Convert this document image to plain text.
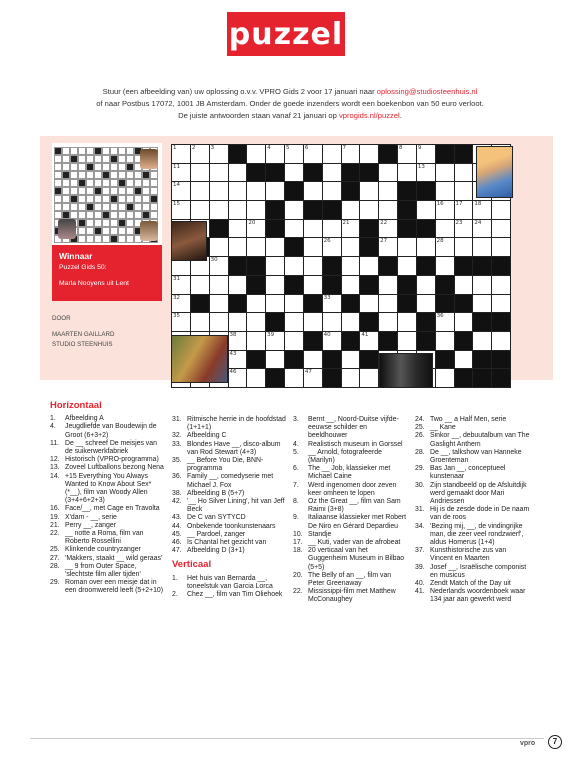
puzzel
Stuur (een afbeelding van) uw oplossing o.v.v. VPRO Gids 2 voor 17 januari naar oplossing@studiosteenhuis.nl
of naar Postbus 17072, 1001 JB Amsterdam. Onder de goede inzenders wordt een boekenbon van 50 euro verloot.
De juiste antwoorden staan vanaf 21 januari op vprogids.nl/puzzel.
Winnaar
Puzzel Gids 50:
Marla Nooyens uit Lent
DOOR
MAARTEN GAILLARD
STUDIO STEENHUIS
1	2	3	4	5	6	7	8	9
11	13
14
15	16 17 18
20	21	22	23 24
26	27	28
30
31
32	33
35	36
38	39	40	41
43
46	47
Horizontaal
1.	Afbeelding A
4.	Jeugdliefde van Boudewijn de Groot (6+3+2)
11. De __ schreef De meisjes van de suikerwerkfabriek
12. Historisch (VPRO-programma)
13. Zoveel Luftballons bezong Nena
14. +15 Everything You Always Wanted to Know About Sex* (*__), film van Woody Allen (3+4+6+2+3)
16. Face/__, met Cage en Travolta
19. X'dam - __, serie
21. Perry __, zanger
22. __ notte a Roma, film van Roberto Rossellini
25. Klinkende countryzanger
27. 'Makkers, staakt __ wild geraas'
28. __ 9 from Outer Space, 'slechtste film aller tijden'
29. Roman over een meisje dat in een droomwereld leeft (5+2+10)
31. Ritmische herrie in de hoofdstad (1+1+1)
32. Afbeelding C
33. Blondes Have __, disco-album van Rod Stewart (4+3)
35. __ Before You Die, BNN-programma
36. Family __, comedyserie met Michael J. Fox
38. Afbeelding B (5+7)
42. '__ Ho Silver Lining', hit van Jeff Beck
43. De C van SYTYCD
44. Onbekende toonkunstenaars
45. __ Pardoel, zanger
46. Is Chantal het gezicht van
47. Afbeelding D (3+1)
Verticaal
1.	Het huis van Bernarda __, toneelstuk van Garcia Lorca
2.	Chez __, film van Tim Oliehoek
3.	Bernt __, Noord-Duitse vijfde-eeuwse schilder en beeldhouwer
4.	Realistisch museum in Gorssel
5.	__ Arnold, fotografeerde (Marilyn)
6.	The __ Job, klassieker met Michael Caine
7.	Werd ingenomen door zeven keer omheen te lopen
8.	Oz the Great __, film van Sam Raimi (3+8)
9.	Italiaanse klassieker met Robert De Niro en Gérard Depardieu
10. Standje
17. __ Kuti, vader van de afrobeat
18. 20 verticaal van het Guggenheim Museum in Bilbao (5+5)
20. The Belly of an __, film van Peter Greenaway
22. Mississippi-film met Matthew McConaughey
24. Two __ a Half Men, serie
25. __ Kane
26. Sinkor __, debuutalbum van The Gaslight Anthem
28. De __, talkshow van Hanneke Groenteman
29. Bas Jan __, conceptueel kunstenaar
30. Zijn standbeeld op de Afsluitdijk werd gemaakt door Mari Andriessen
31. Hij is de zesde dode in De naam van de roos
34. 'Bezing mij, __, de vindingrijke man, die zeer veel rondzwierf', aldus Homerus (1+4)
37. Kunsthistorische zus van Vincent en Maarten
39. Josef __, Israëlische componist en musicus
40. Zendt Match of the Day uit
41. Nederlands woordenboek waar 134 jaar aan gewerkt werd
vpro	7
